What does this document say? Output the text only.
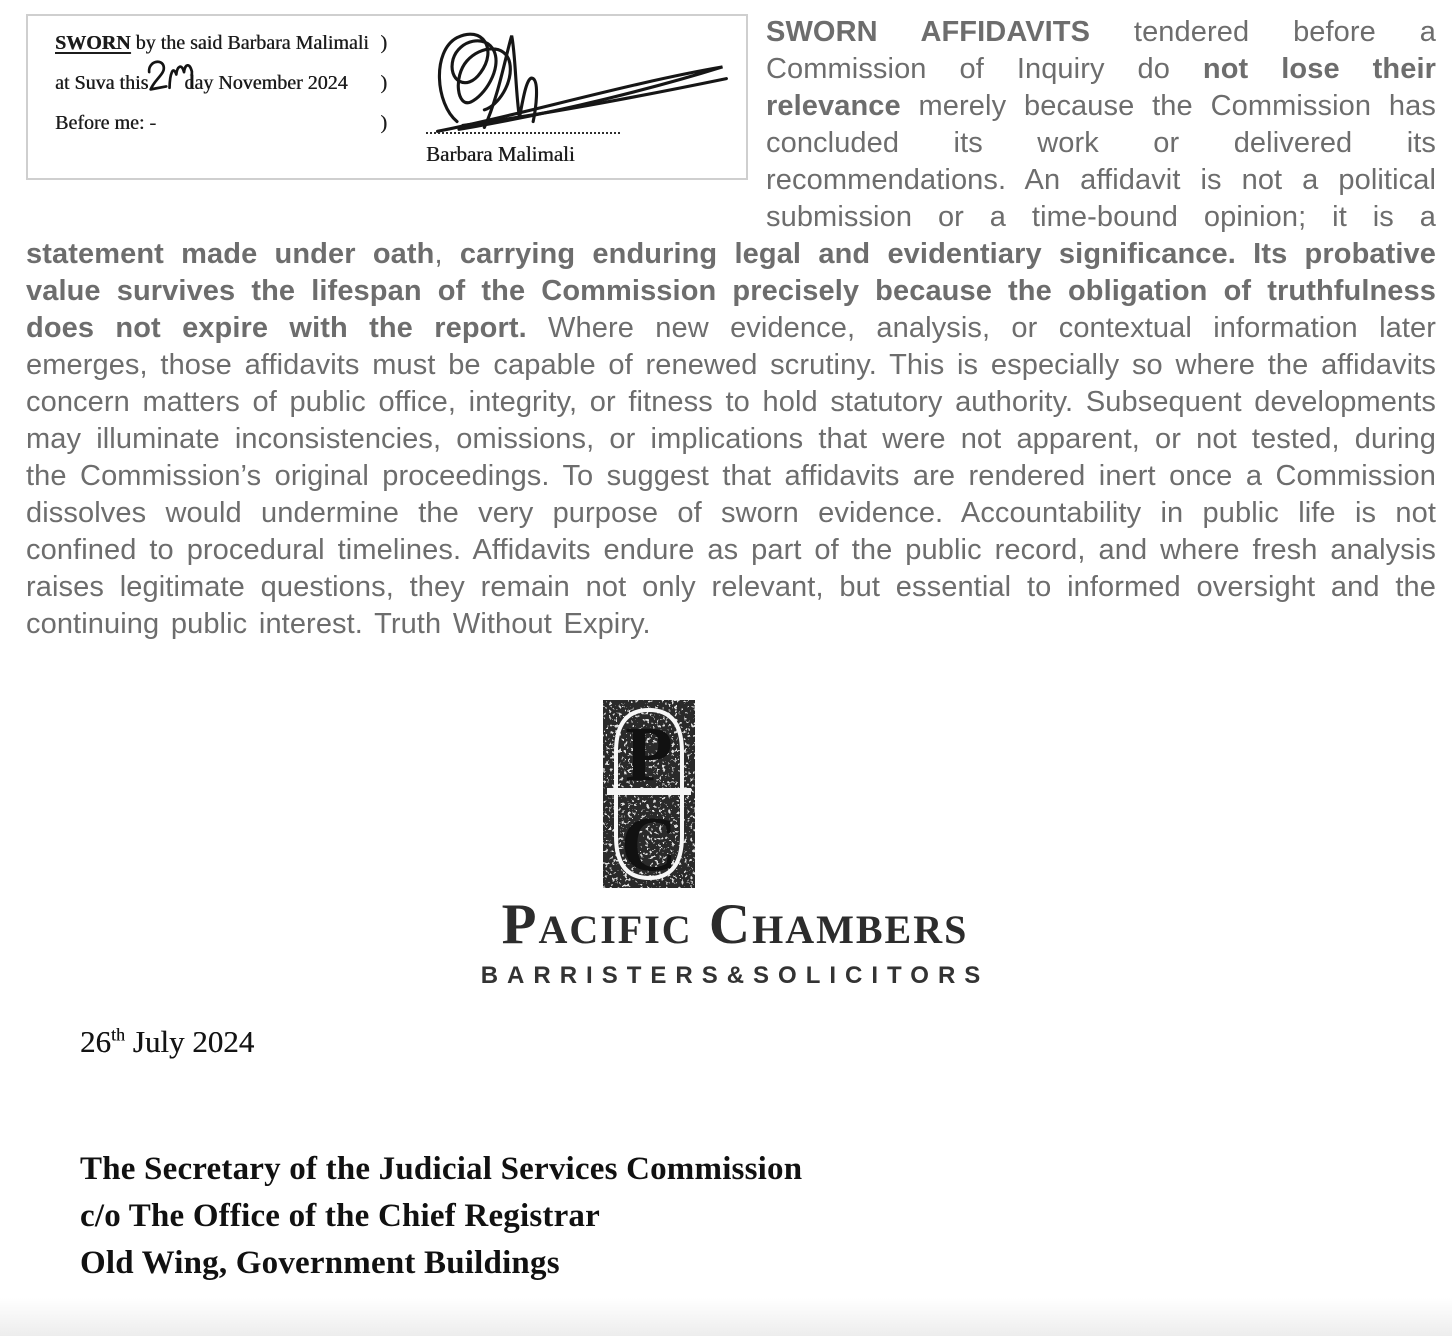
SWORN by the said Barbara Malimali )
at Suva this day November 2024 )
Before me: -	)
Barbara Malimali

SWORN AFFIDAVITS tendered before a Commission of Inquiry do not lose their relevance merely because the Commission has concluded its work or delivered its recommendations. An affidavit is not a political submission or a time-bound opinion; it is a statement made under oath, carrying enduring legal and evidentiary significance. Its probative value survives the lifespan of the Commission precisely because the obligation of truthfulness does not expire with the report. Where new evidence, analysis, or contextual information later emerges, those affidavits must be capable of renewed scrutiny. This is especially so where the affidavits concern matters of public office, integrity, or fitness to hold statutory authority. Subsequent developments may illuminate inconsistencies, omissions, or implications that were not apparent, or not tested, during the Commission’s original proceedings. To suggest that affidavits are rendered inert once a Commission dissolves would undermine the very purpose of sworn evidence. Accountability in public life is not confined to procedural timelines. Affidavits endure as part of the public record, and where fresh analysis raises legitimate questions, they remain not only relevant, but essential to informed oversight and the continuing public interest. Truth Without Expiry.

P
C
Pacific Chambers
BARRISTERS&SOLICITORS
26th July 2024
The Secretary of the Judicial Services Commission
c/o The Office of the Chief Registrar
Old Wing, Government Buildings
